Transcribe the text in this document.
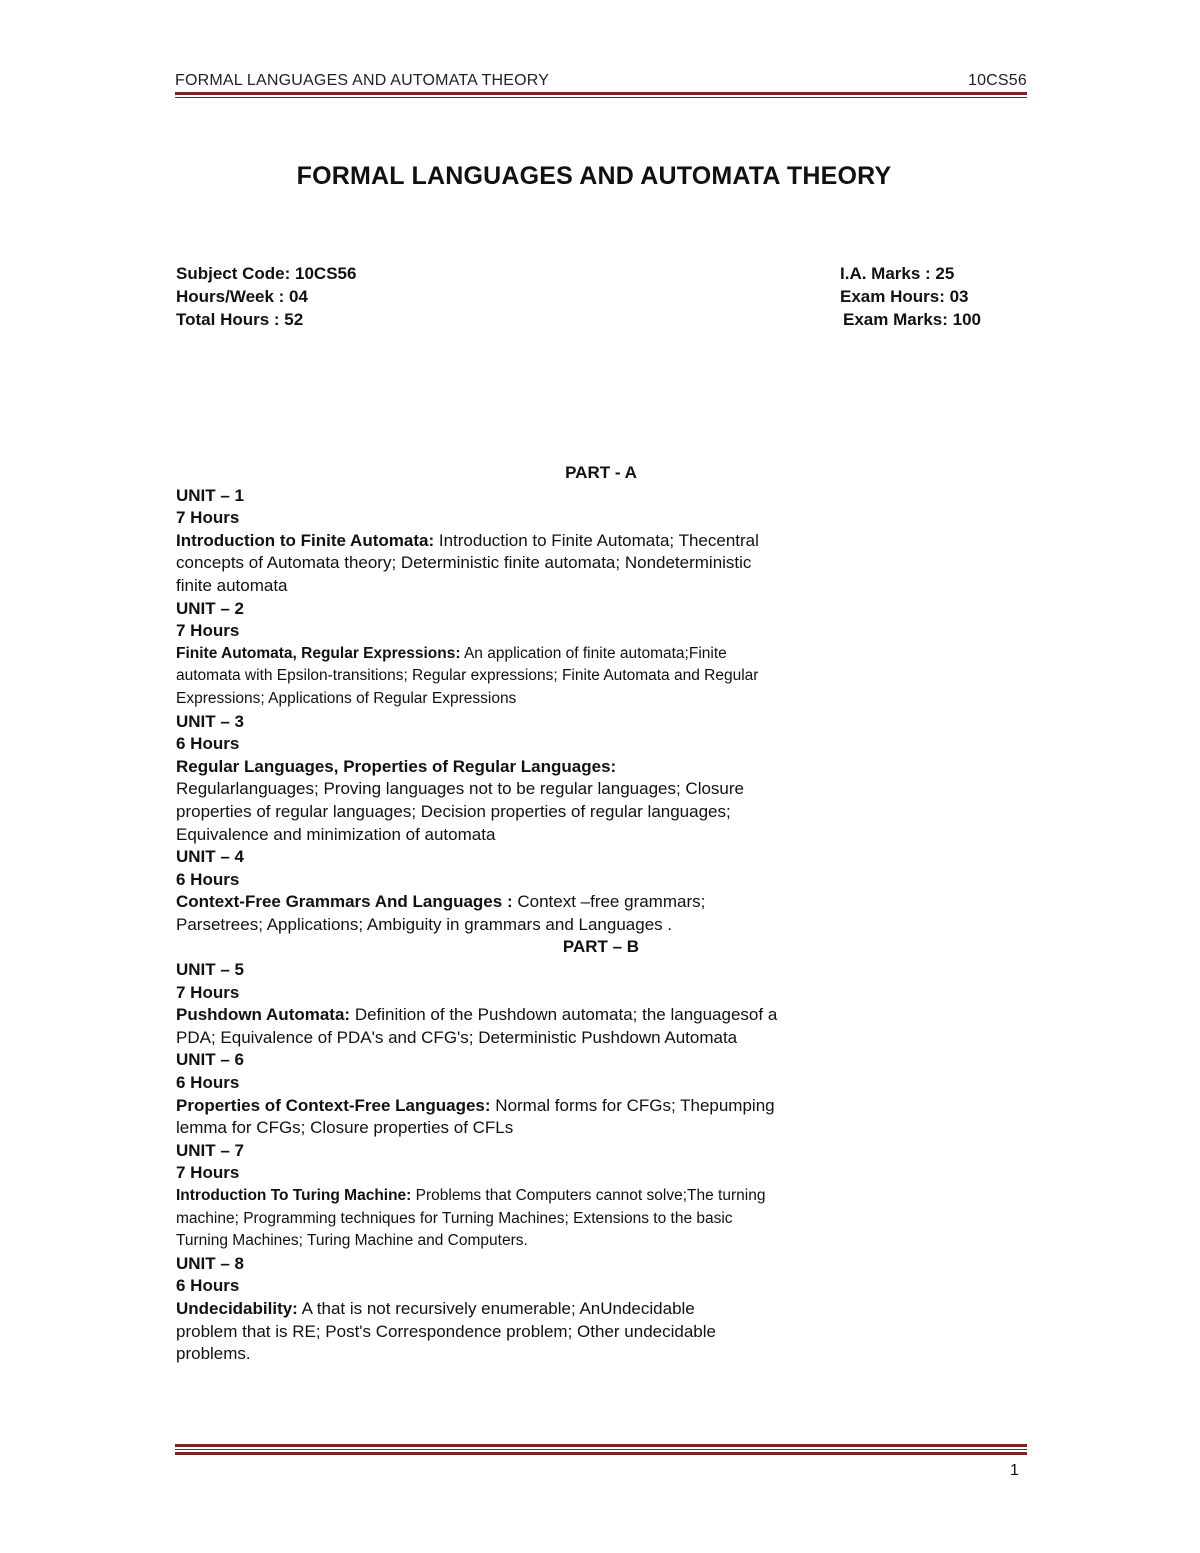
FORMAL LANGUAGES AND AUTOMATA THEORY	10CS56
FORMAL LANGUAGES AND AUTOMATA THEORY
Subject Code: 10CS56
Hours/Week : 04
Total Hours : 52
I.A. Marks : 25
Exam Hours: 03
Exam Marks: 100
PART - A
UNIT – 1
7 Hours
Introduction to Finite Automata: Introduction to Finite Automata; Thecentral concepts of Automata theory; Deterministic finite automata; Nondeterministic finite automata
UNIT – 2
7 Hours
Finite Automata, Regular Expressions: An application of finite automata;Finite automata with Epsilon-transitions; Regular expressions; Finite Automata and Regular Expressions; Applications of Regular Expressions
UNIT – 3
6 Hours
Regular Languages, Properties of Regular Languages:
Regularlanguages; Proving languages not to be regular languages; Closure properties of regular languages; Decision properties of regular languages; Equivalence and minimization of automata
UNIT – 4
6 Hours
Context-Free Grammars And Languages : Context –free grammars; Parsetrees; Applications; Ambiguity in grammars and Languages .
PART – B
UNIT – 5
7 Hours
Pushdown Automata: Definition of the Pushdown automata; the languagesof a PDA; Equivalence of PDA's and CFG's; Deterministic Pushdown Automata
UNIT – 6
6 Hours
Properties of Context-Free Languages: Normal forms for CFGs; Thepumping lemma for CFGs; Closure properties of CFLs
UNIT – 7
7 Hours
Introduction To Turing Machine: Problems that Computers cannot solve;The turning machine; Programming techniques for Turning Machines; Extensions to the basic Turning Machines; Turing Machine and Computers.
UNIT – 8
6 Hours
Undecidability: A that is not recursively enumerable; AnUndecidable problem that is RE; Post's Correspondence problem; Other undecidable problems.
1
